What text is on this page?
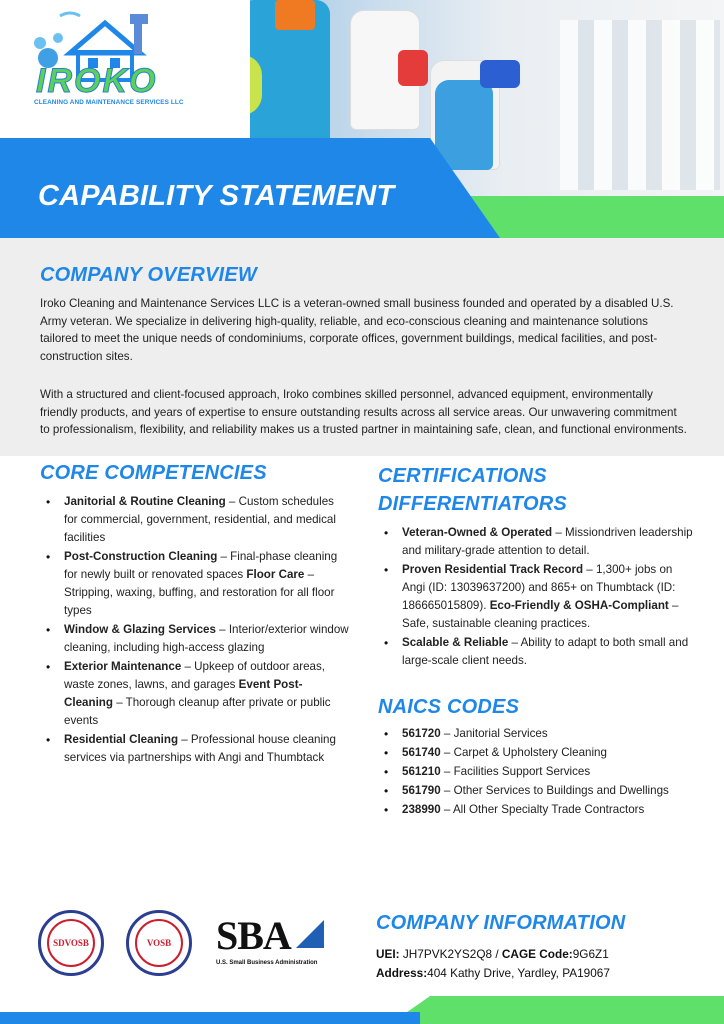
IROKO
CLEANING AND MAINTENANCE SERVICES LLC
CAPABILITY STATEMENT
COMPANY OVERVIEW

Iroko Cleaning and Maintenance Services LLC is a veteran-owned small business founded and operated by a disabled U.S. Army veteran. We specialize in delivering high-quality, reliable, and eco-conscious cleaning and maintenance solutions tailored to meet the unique needs of condominiums, corporate offices, government buildings, medical facilities, and post-construction sites.

With a structured and client-focused approach, Iroko combines skilled personnel, advanced equipment, environmentally friendly products, and years of expertise to ensure outstanding results across all service areas. Our unwavering commitment to professionalism, flexibility, and reliability makes us a trusted partner in maintaining safe, clean, and functional environments.

CORE COMPETENCIES
• Janitorial & Routine Cleaning – Custom schedules for commercial, government, residential, and medical facilities
• Post-Construction Cleaning – Final-phase cleaning for newly built or renovated spaces Floor Care – Stripping, waxing, buffing, and restoration for all floor types
• Window & Glazing Services – Interior/exterior window cleaning, including high-access glazing
• Exterior Maintenance – Upkeep of outdoor areas, waste zones, lawns, and garages Event Post-Cleaning – Thorough cleanup after private or public events
• Residential Cleaning – Professional house cleaning services via partnerships with Angi and Thumbtack
CERTIFICATIONS
DIFFERENTIATORS
• Veteran-Owned & Operated – Missiondriven leadership and military-grade attention to detail.
• Proven Residential Track Record – 1,300+ jobs on Angi (ID: 13039637200) and 865+ on Thumbtack (ID: 186665015809). Eco-Friendly & OSHA-Compliant – Safe, sustainable cleaning practices.
• Scalable & Reliable – Ability to adapt to both small and large-scale client needs.
NAICS CODES
• 561720 – Janitorial Services
• 561740 – Carpet & Upholstery Cleaning
• 561210 – Facilities Support Services
• 561790 – Other Services to Buildings and Dwellings
• 238990 – All Other Specialty Trade Contractors
SDVOSB	VOSB SBA
U.S. Small Business Administration
COMPANY INFORMATION
UEI: JH7PVK2YS2Q8 / CAGE Code:9G6Z1
Address:404 Kathy Drive, Yardley, PA19067
